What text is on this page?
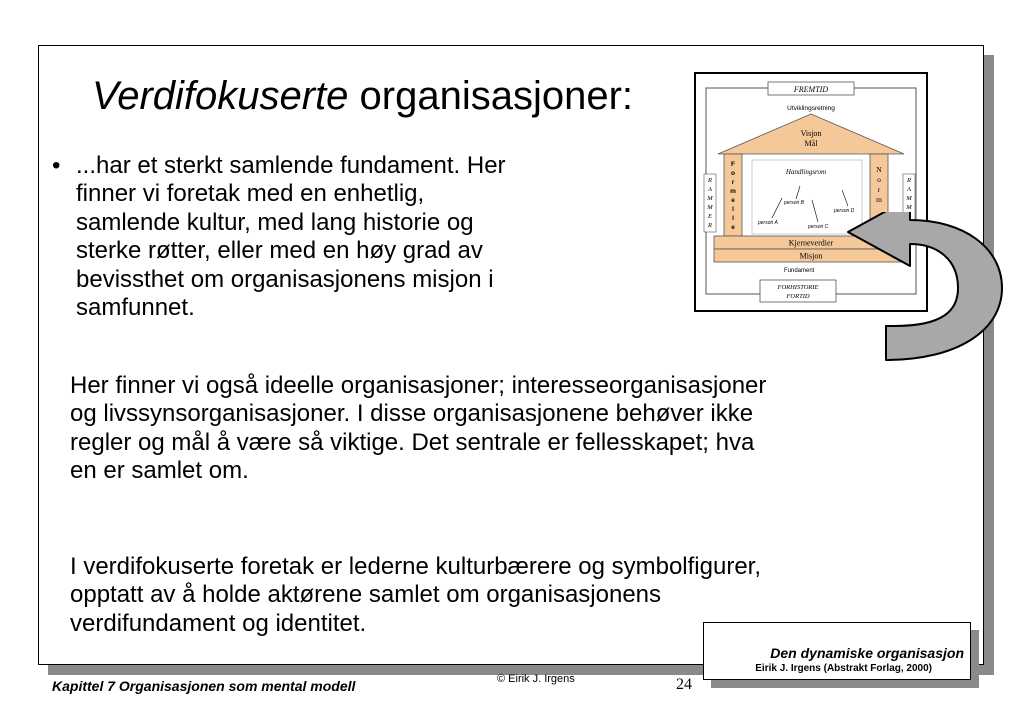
Verdifokuserte organisasjoner:
• ...har et sterkt samlende fundament. Her
finner vi foretak med en enhetlig,
samlende kultur, med lang historie og
sterke røtter, eller med en høy grad av
bevissthet om organisasjonens misjon i
samfunnet.
Her finner vi også ideelle organisasjoner; interesseorganisasjoner
og livssynsorganisasjoner. I disse organisasjonene behøver ikke
regler og mål å være så viktige. Det sentrale er fellesskapet; hva
en er samlet om.
I verdifokuserte foretak er lederne kulturbærere og symbolfigurer,
opptatt av å holde aktørene samlet om organisasjonens
verdifundament og identitet.
FREMTID
Utviklingsretning
Visjon
Mål
F
o
r
m
e
l
l
e
N
o
r
m
R
A
M
M
E
R
R
A
M
M
Handlingsrom
person A
person B
person C
person D
Kjerneverdier
Misjon
Fundament
FORHISTORIE
FORTID
Kapittel 7 Organisasjonen som mental modell	© Eirik J. Irgens	24
Den dynamiske organisasjon
Eirik J. Irgens (Abstrakt Forlag, 2000)
